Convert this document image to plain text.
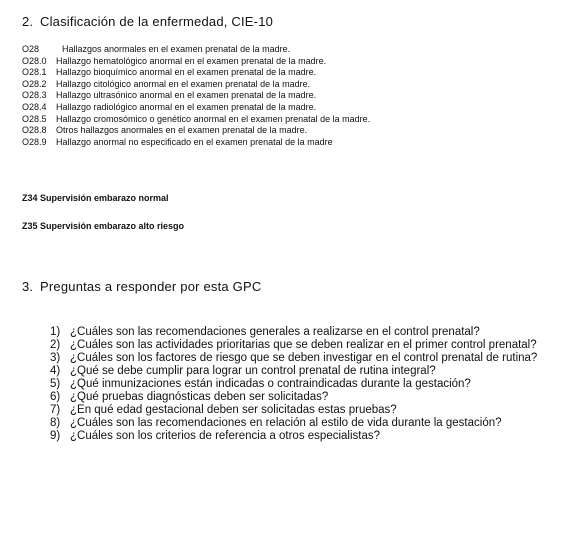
2. Clasificación de la enfermedad, CIE-10
O28	Hallazgos anormales en el examen prenatal de la madre.
O28.0 Hallazgo hematológico anormal en el examen prenatal de la madre.
O28.1 Hallazgo bioquímico anormal en el examen prenatal de la madre.
O28.2 Hallazgo citológico anormal en el examen prenatal de la madre.
O28.3 Hallazgo ultrasónico anormal en el examen prenatal de la madre.
O28.4 Hallazgo radiológico anormal en el examen prenatal de la madre.
O28.5 Hallazgo cromosómico o genético anormal en el examen prenatal de la madre.
O28.8 Otros hallazgos anormales en el examen prenatal de la madre.
O28.9 Hallazgo anormal no especificado en el examen prenatal de la madre
Z34 Supervisión embarazo normal
Z35 Supervisión embarazo alto riesgo
3. Preguntas a responder por esta GPC
1) ¿Cuáles son las recomendaciones generales a realizarse en el control prenatal?
2) ¿Cuáles son las actividades prioritarias que se deben realizar en el primer control prenatal?
3) ¿Cuáles son los factores de riesgo que se deben investigar en el control prenatal de rutina?
4) ¿Qué se debe cumplir para lograr un control prenatal de rutina integral?
5) ¿Qué inmunizaciones están indicadas o contraindicadas durante la gestación?
6) ¿Qué pruebas diagnósticas deben ser solicitadas?
7) ¿En qué edad gestacional deben ser solicitadas estas pruebas?
8) ¿Cuáles son las recomendaciones en relación al estilo de vida durante la gestación?
9) ¿Cuáles son los criterios de referencia a otros especialistas?
